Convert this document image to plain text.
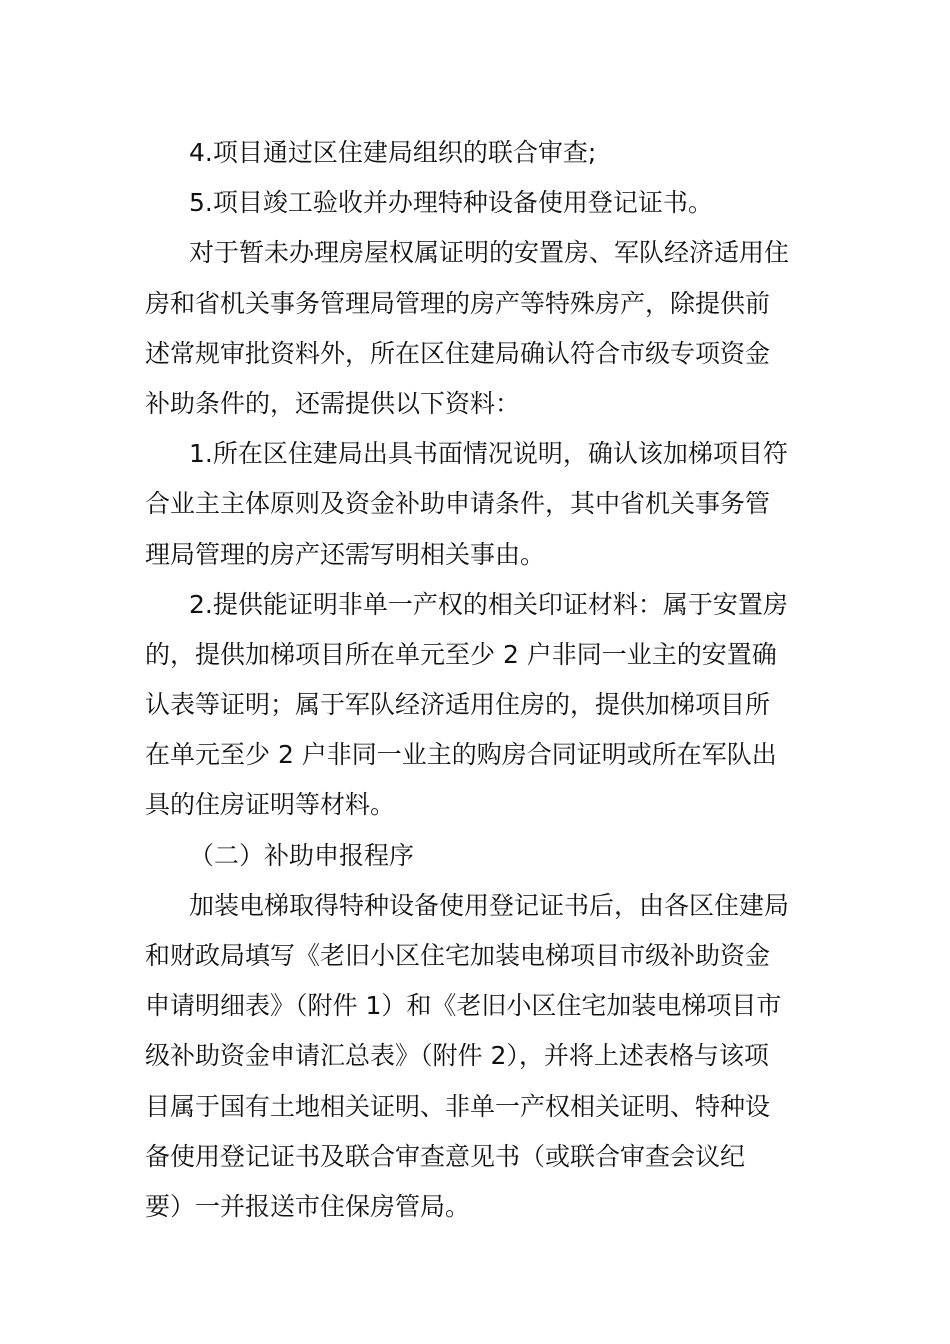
4.项目通过区住建局组织的联合审查;
5.项目竣工验收并办理特种设备使用登记证书。
对于暂未办理房屋权属证明的安置房、军队经济适用住
房和省机关事务管理局管理的房产等特殊房产，除提供前
述常规审批资料外，所在区住建局确认符合市级专项资金
补助条件的，还需提供以下资料：
1.所在区住建局出具书面情况说明，确认该加梯项目符
合业主主体原则及资金补助申请条件，其中省机关事务管
理局管理的房产还需写明相关事由。
2.提供能证明非单一产权的相关印证材料：属于安置房
的，提供加梯项目所在单元至少 2 户非同一业主的安置确
认表等证明；属于军队经济适用住房的，提供加梯项目所
在单元至少 2 户非同一业主的购房合同证明或所在军队出
具的住房证明等材料。
（二）补助申报程序
加装电梯取得特种设备使用登记证书后，由各区住建局
和财政局填写《老旧小区住宅加装电梯项目市级补助资金
申请明细表》（附件 1）和《老旧小区住宅加装电梯项目市
级补助资金申请汇总表》（附件 2），并将上述表格与该项
目属于国有土地相关证明、非单一产权相关证明、特种设
备使用登记证书及联合审查意见书（或联合审查会议纪
要）一并报送市住保房管局。
